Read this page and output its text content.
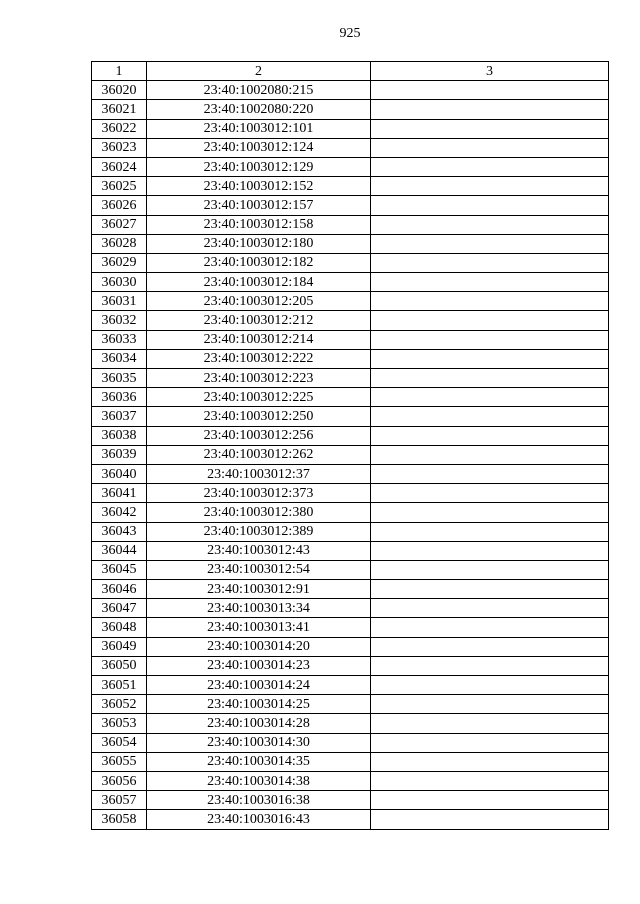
925
1	2	3
36020	23:40:1002080:215	
36021	23:40:1002080:220	
36022	23:40:1003012:101	
36023	23:40:1003012:124	
36024	23:40:1003012:129	
36025	23:40:1003012:152	
36026	23:40:1003012:157	
36027	23:40:1003012:158	
36028	23:40:1003012:180	
36029	23:40:1003012:182	
36030	23:40:1003012:184	
36031	23:40:1003012:205	
36032	23:40:1003012:212	
36033	23:40:1003012:214	
36034	23:40:1003012:222	
36035	23:40:1003012:223	
36036	23:40:1003012:225	
36037	23:40:1003012:250	
36038	23:40:1003012:256	
36039	23:40:1003012:262	
36040	23:40:1003012:37	
36041	23:40:1003012:373	
36042	23:40:1003012:380	
36043	23:40:1003012:389	
36044	23:40:1003012:43	
36045	23:40:1003012:54	
36046	23:40:1003012:91	
36047	23:40:1003013:34	
36048	23:40:1003013:41	
36049	23:40:1003014:20	
36050	23:40:1003014:23	
36051	23:40:1003014:24	
36052	23:40:1003014:25	
36053	23:40:1003014:28	
36054	23:40:1003014:30	
36055	23:40:1003014:35	
36056	23:40:1003014:38	
36057	23:40:1003016:38	
36058	23:40:1003016:43	
